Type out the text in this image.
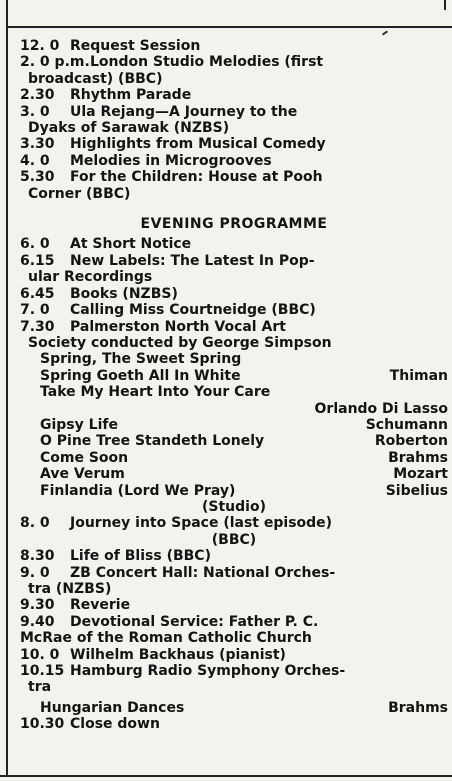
12. 0 Request Session
2. 0 p.m. London Studio Melodies (first
broadcast) (BBC)
2.30	Rhythm Parade
3. 0	Ula Rejang—A Journey to the
Dyaks of Sarawak (NZBS)
3.30	Highlights from Musical Comedy
4. 0	Melodies in Microgrooves
5.30	For the Children: House at Pooh
Corner (BBC)
EVENING PROGRAMME
6. 0	At Short Notice
6.15	New Labels: The Latest In Pop-
ular Recordings
6.45	Books (NZBS)
7. 0	Calling Miss Courtneidge (BBC)
7.30	Palmerston North Vocal Art
Society conducted by George Simpson
Spring, The Sweet Spring
Spring Goeth All In White	Thiman
Take My Heart Into Your Care
Orlando Di Lasso
Gipsy Life	Schumann
O Pine Tree Standeth Lonely	Roberton
Come Soon	Brahms
Ave Verum	Mozart
Finlandia (Lord We Pray)	Sibelius
(Studio)
8. 0	Journey into Space (last episode)
(BBC)
8.30	Life of Bliss (BBC)
9. 0	ZB Concert Hall: National Orches-
tra (NZBS)
9.30	Reverie
9.40	Devotional Service: Father P. C.
McRae of the Roman Catholic Church
10. 0 Wilhelm Backhaus (pianist)
10.15 Hamburg Radio Symphony Orches-
tra
Hungarian Dances	Brahms
10.30 Close down
